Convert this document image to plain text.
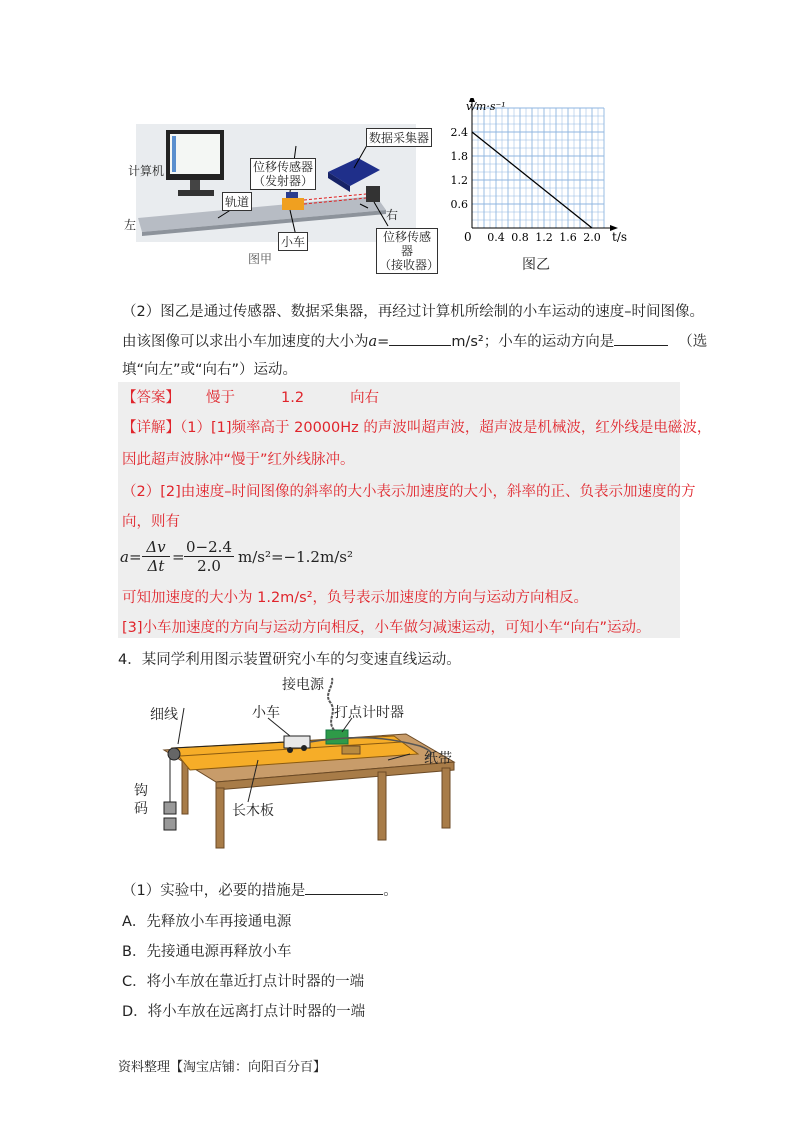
计算机
数据采集器
位移传感器
（发射器）
轨道
左
右
小车	位移传感器
（接收器）
图甲
v/m·s⁻¹
t/s
0 0.4 0.8 1.2 1.6 2.0
0.6
1.2
1.8
2.4
图乙
（2）图乙是通过传感器、数据采集器，再经过计算机所绘制的小车运动的速度–时间图像。
由该图像可以求出小车加速度的大小为a=	m/s²；小车的运动方向是	（选
填“向左”或“向右”）运动。
【答案】 慢于	1.2	向右
【详解】（1）[1]频率高于 20000Hz 的声波叫超声波，超声波是机械波，红外线是电磁波，
因此超声波脉冲“慢于”红外线脉冲。
（2）[2]由速度–时间图像的斜率的大小表示加速度的大小，斜率的正、负表示加速度的方
向，则有
a=
Δv
Δt =
0−2.4
2.0	m/s²=−1.2m/s²
可知加速度的大小为 1.2m/s²，负号表示加速度的方向与运动方向相反。
[3]小车加速度的方向与运动方向相反，小车做匀减速运动，可知小车“向右”运动。
4．某同学利用图示装置研究小车的匀变速直线运动。
接电源
细线	小车	打点计时器
纸带
钩
码	长木板
（1）实验中，必要的措施是	。
A．先释放小车再接通电源
B．先接通电源再释放小车
C．将小车放在靠近打点计时器的一端
D．将小车放在远离打点计时器的一端
资料整理【淘宝店铺：向阳百分百】
